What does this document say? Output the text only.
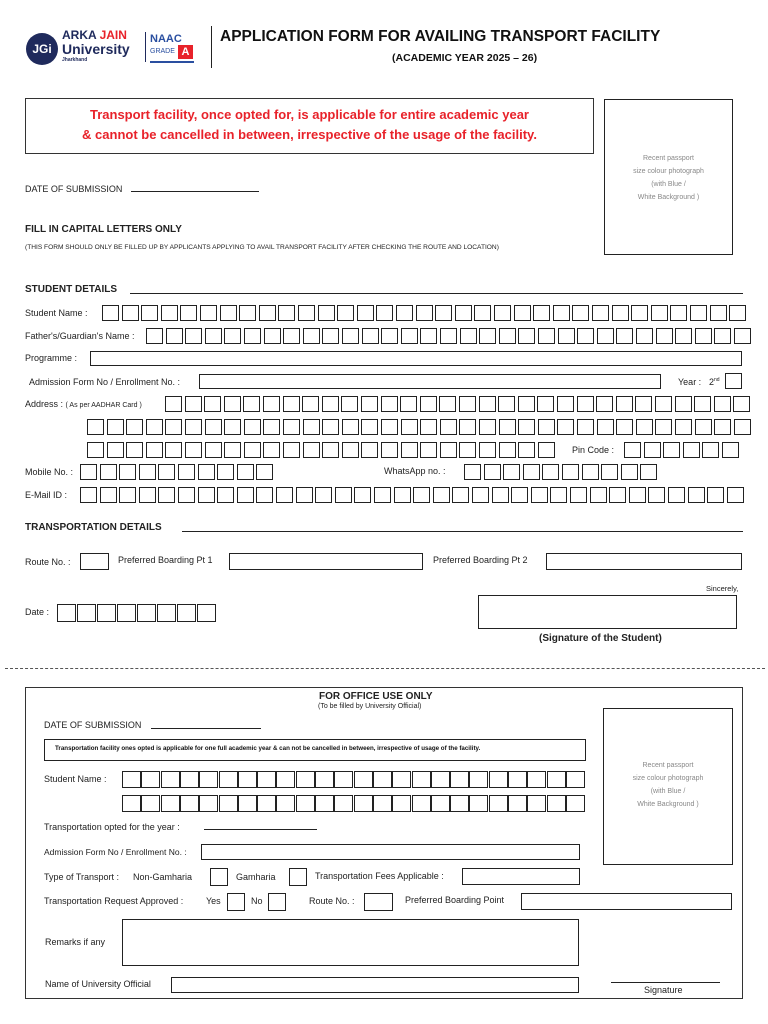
JGi
ARKA JAIN
University
Jharkhand
NAAC
GRADE A
APPLICATION FORM FOR AVAILING TRANSPORT FACILITY
(ACADEMIC YEAR 2025 – 26)
Transport facility, once opted for, is applicable for entire academic year
& cannot be cancelled in between, irrespective of the usage of the facility.
Recent passport
size colour photograph
(with Blue /
White Background )
DATE OF SUBMISSION
FILL IN CAPITAL LETTERS ONLY
(THIS FORM SHOULD ONLY BE FILLED UP BY APPLICANTS APPLYING TO AVAIL TRANSPORT FACILITY AFTER CHECKING THE ROUTE AND LOCATION)
STUDENT DETAILS
Student Name :
Father's/Guardian's Name :
Programme :
Admission Form No / Enrollment No. :	Year : 2nd
Address : ( As per AADHAR Card )
Pin Code :
Mobile No. :	WhatsApp no. :
E-Mail ID :
TRANSPORTATION DETAILS
Route No. :	Preferred Boarding Pt 1	Preferred Boarding Pt 2
Sincerely,
(Signature of the Student)
Date :
FOR OFFICE USE ONLY
(To be filled by University Official)
DATE OF SUBMISSION
Transportation facility ones opted is applicable for one full academic year & can not be cancelled in between, irrespective of usage of the facility.
Recent passport
size colour photograph
(with Blue /
White Background )
Student Name :
Transportation opted for the year :
Admission Form No / Enrollment No. :
Type of Transport : Non-Gamharia	Gamharia	Transportation Fees Applicable :
Transportation Request Approved :	Yes	No	Route No. :	Preferred Boarding Point
Remarks if any
Name of University Official
Signature
